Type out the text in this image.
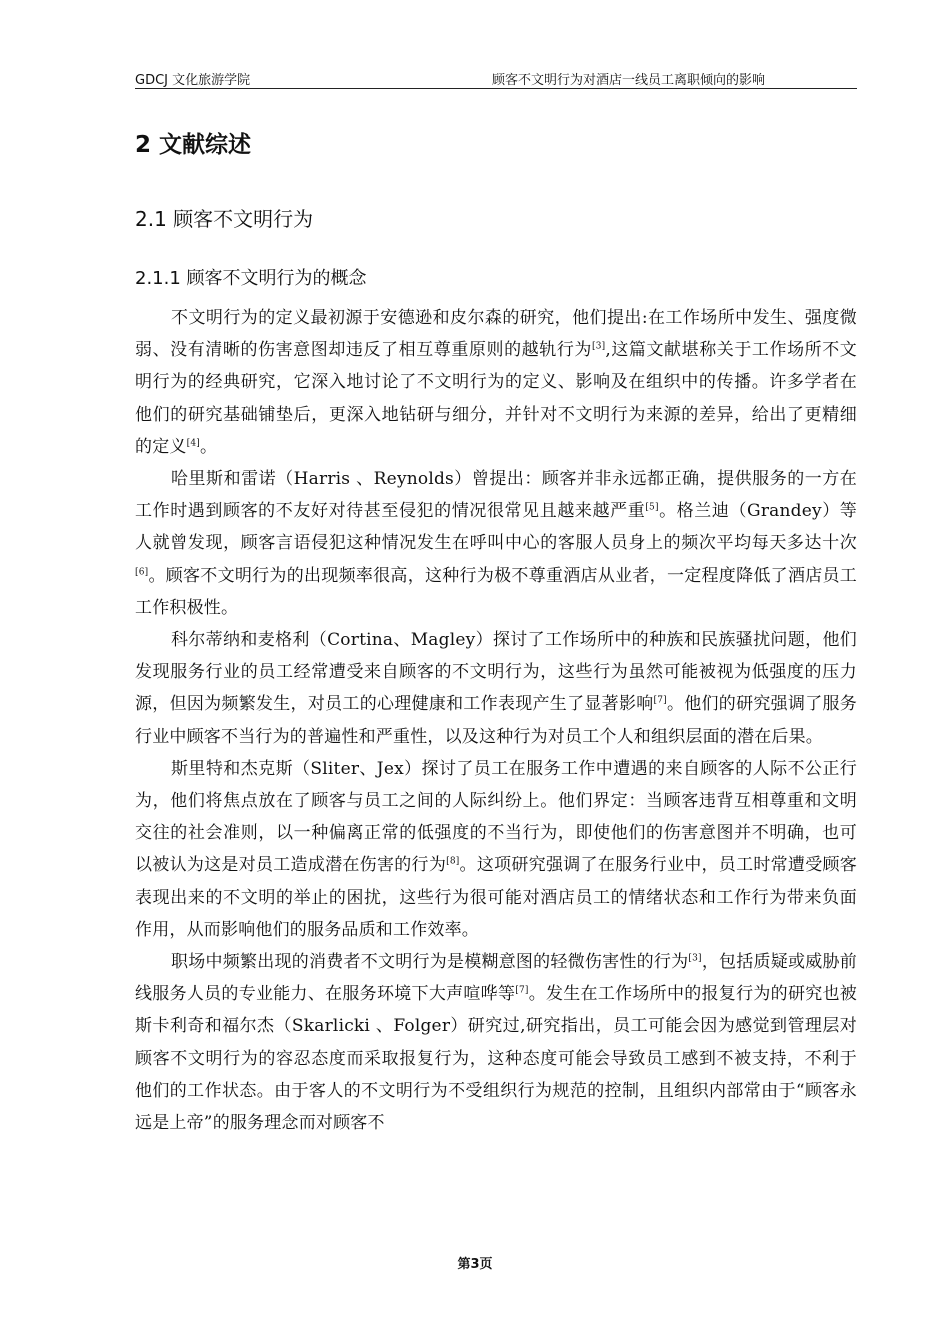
GDCJ 文化旅游学院	顾客不文明行为对酒店一线员工离职倾向的影响
2 文献综述
2.1 顾客不文明行为
2.1.1 顾客不文明行为的概念

不文明行为的定义最初源于安德逊和皮尔森的研究，他们提出:在工作场所中发生、强度微弱、没有清晰的伤害意图却违反了相互尊重原则的越轨行为[3],这篇文献堪称关于工作场所不文明行为的经典研究，它深入地讨论了不文明行为的定义、影响及在组织中的传播。许多学者在他们的研究基础铺垫后，更深入地钻研与细分，并针对不文明行为来源的差异，给出了更精细的定义[4]。

哈里斯和雷诺（Harris 、Reynolds）曾提出：顾客并非永远都正确，提供服务的一方在工作时遇到顾客的不友好对待甚至侵犯的情况很常见且越来越严重[5]。格兰迪（Grandey）等人就曾发现，顾客言语侵犯这种情况发生在呼叫中心的客服人员身上的频次平均每天多达十次[6]。顾客不文明行为的出现频率很高，这种行为极不尊重酒店从业者，一定程度降低了酒店员工工作积极性。

科尔蒂纳和麦格利（Cortina、Magley）探讨了工作场所中的种族和民族骚扰问题，他们发现服务行业的员工经常遭受来自顾客的不文明行为，这些行为虽然可能被视为低强度的压力源，但因为频繁发生，对员工的心理健康和工作表现产生了显著影响[7]。他们的研究强调了服务行业中顾客不当行为的普遍性和严重性，以及这种行为对员工个人和组织层面的潜在后果。

斯里特和杰克斯（Sliter、Jex）探讨了员工在服务工作中遭遇的来自顾客的人际不公正行为，他们将焦点放在了顾客与员工之间的人际纠纷上。他们界定：当顾客违背互相尊重和文明交往的社会准则，以一种偏离正常的低强度的不当行为，即使他们的伤害意图并不明确，也可以被认为这是对员工造成潜在伤害的行为[8]。这项研究强调了在服务行业中，员工时常遭受顾客表现出来的不文明的举止的困扰，这些行为很可能对酒店员工的情绪状态和工作行为带来负面作用，从而影响他们的服务品质和工作效率。

职场中频繁出现的消费者不文明行为是模糊意图的轻微伤害性的行为[3]，包括质疑或威胁前线服务人员的专业能力、在服务环境下大声喧哗等[7]。发生在工作场所中的报复行为的研究也被斯卡利奇和福尔杰（Skarlicki 、Folger）研究过,研究指出，员工可能会因为感觉到管理层对顾客不文明行为的容忍态度而采取报复行为，这种态度可能会导致员工感到不被支持，不利于他们的工作状态。由于客人的不文明行为不受组织行为规范的控制，且组织内部常由于“顾客永远是上帝”的服务理念而对顾客不

第3页
